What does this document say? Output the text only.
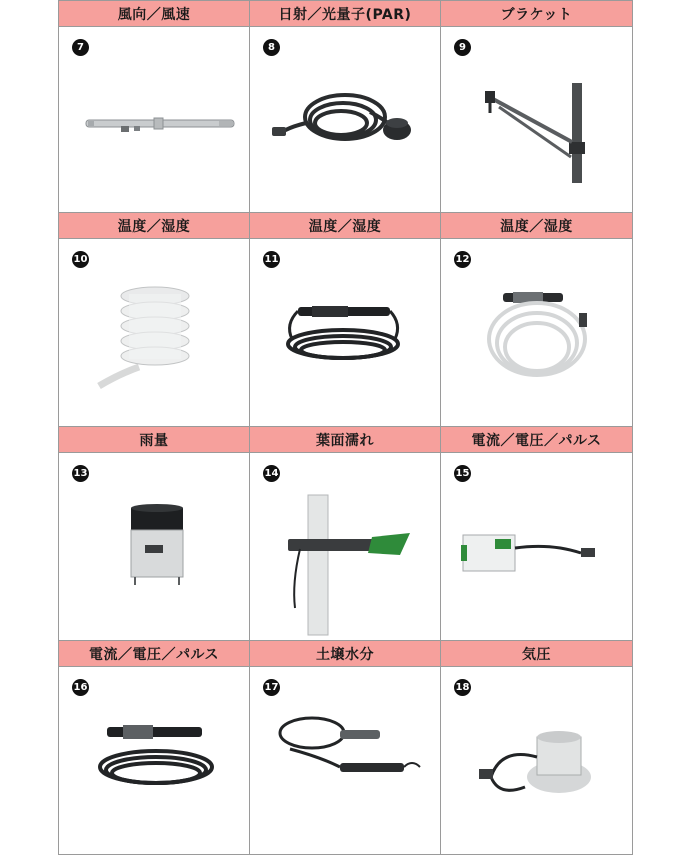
風向／風速
7
日射／光量子(PAR)
8
ブラケット
9
温度／湿度
10
温度／湿度
11
温度／湿度
12
雨量
13
葉面濡れ
14
電流／電圧／パルス
15
電流／電圧／パルス
16
土壌水分
17
気圧
18
